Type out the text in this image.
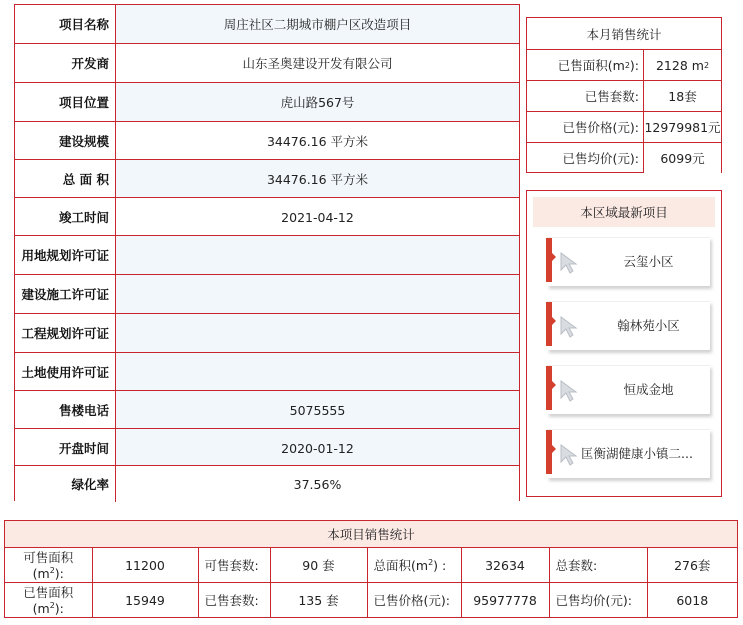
项目名称	周庄社区二期城市棚户区改造项目
开发商	山东圣奥建设开发有限公司
项目位置	虎山路567号
建设规模	34476.16 平方米
总 面 积	34476.16 平方米
竣工时间	2021-04-12
用地规划许可证
建设施工许可证
工程规划许可证
土地使用许可证
售楼电话	5075555
开盘时间	2020-01-12
绿化率	37.56%
本月销售统计
已售面积(m 2 ): 2128 m 2
已售套数: 18套
已售价格(元): 12979981元
已售均价(元): 6099元
本区域最新项目
云玺小区
翰林苑小区
恒成金地
匡衡湖健康小镇二...
本项目销售统计
可售面积
$(m^2)$:	11200	可售套数:	90 套	总面积$(m^2)$ :	32634	总套数:	276套
已售面积
$(m^2)$:	15949	已售套数:	135 套	已售价格(元):	95977778	已售均价(元):	6018
